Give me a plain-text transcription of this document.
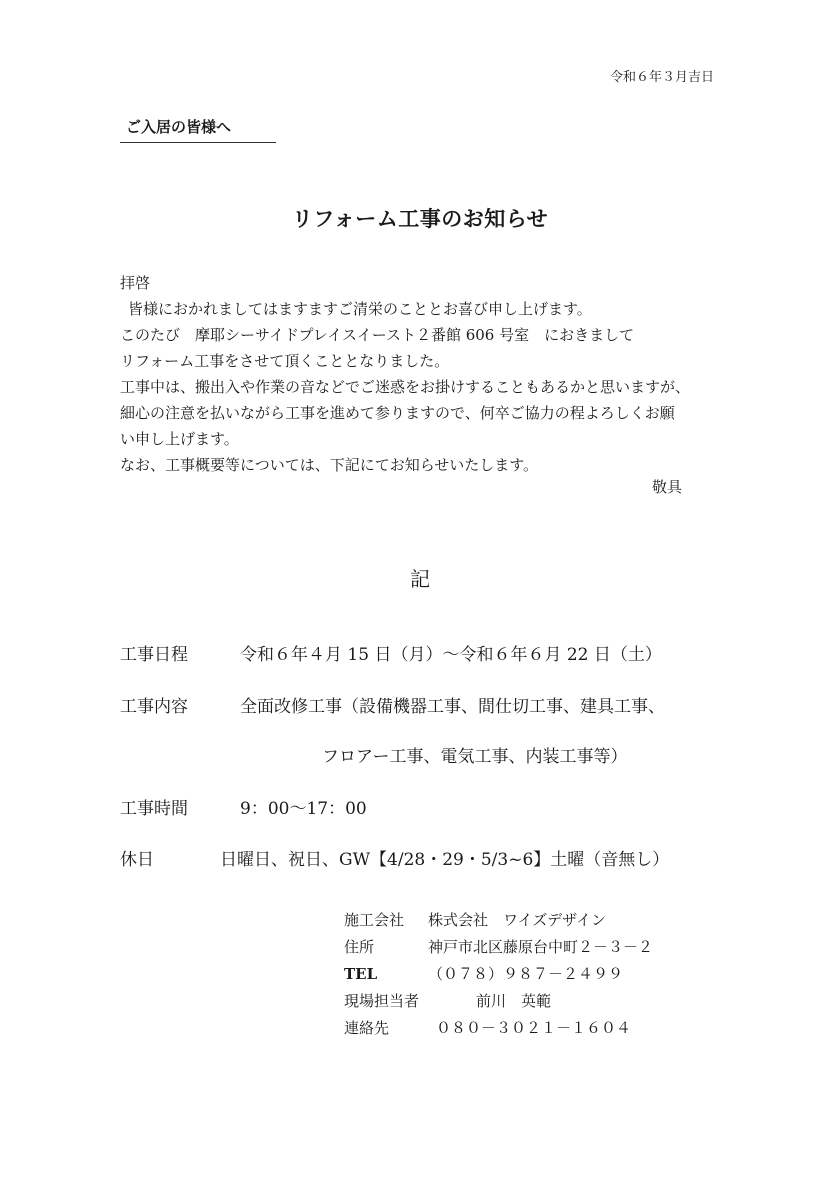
令和６年３月吉日
ご入居の皆様へ
リフォーム工事のお知らせ
拝啓
皆様におかれましてはますますご清栄のこととお喜び申し上げます。
このたび　摩耶シーサイドプレイスイースト２番館 606 号室　におきまして
リフォーム工事をさせて頂くこととなりました。
工事中は、搬出入や作業の音などでご迷惑をお掛けすることもあるかと思いますが、
細心の注意を払いながら工事を進めて参りますので、何卒ご協力の程よろしくお願
い申し上げます。
なお、工事概要等については、下記にてお知らせいたします。
敬具
記
工事日程	令和６年４月 15 日（月）～令和６年６月 22 日（土）
工事内容	全面改修工事（設備機器工事、間仕切工事、建具工事、
フロアー工事、電気工事、内装工事等）
工事時間	9：00～17：00
休日	日曜日、祝日、GW【4/28・29・5/3~6】土曜（音無し）
施工会社 株式会社　ワイズデザイン
住所	神戸市北区藤原台中町２－３－２
TEL	（０７８）９８７－２４９９
現場担当者	前川　英範
連絡先	０８０－３０２１－１６０４
